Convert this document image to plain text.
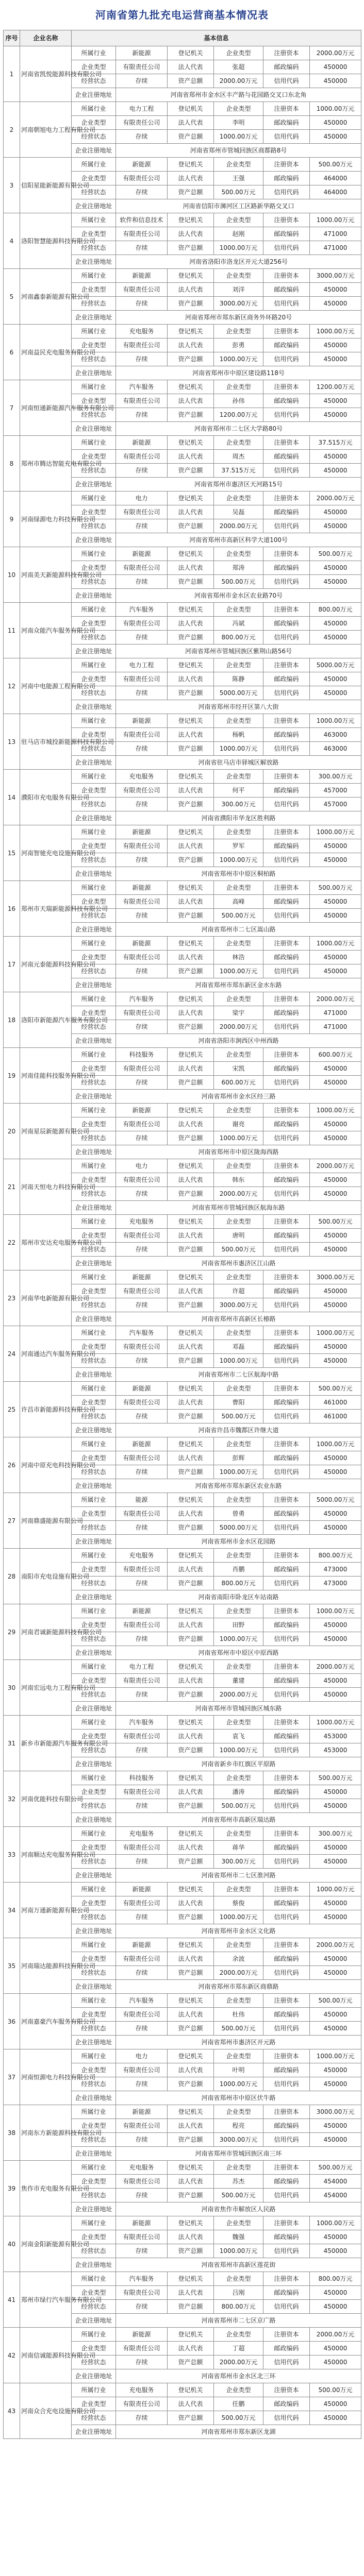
河南省第九批充电运营商基本情况表
序号	企业名称	基本信息					
1	河南省凯悦能源科技有限公司	所属行业	新能源	登记机关	企业类型	注册资本	2000.00万元
		企业类型	有限责任公司	法人代表	张超	邮政编码	450000
		经营状态	存续	资产总额	2000.00万元	信用代码	450000
		企业注册地址	河南省郑州市金水区丰产路与花园路交叉口东北角				
2	河南朝旭电力工程有限公司	所属行业	电力工程	登记机关	企业类型	注册资本	1000.00万元
		企业类型	有限责任公司	法人代表	李明	邮政编码	450000
		经营状态	存续	资产总额	1000.00万元	信用代码	450000
		企业注册地址	河南省郑州市管城回族区商都路8号				
3	信阳星能新能源有限公司	所属行业	新能源	登记机关	企业类型	注册资本	500.00万元
		企业类型	有限责任公司	法人代表	王强	邮政编码	464000
		经营状态	存续	资产总额	500.00万元	信用代码	464000
		企业注册地址	河南省信阳市浉河区工区路新华路交叉口				
4	洛阳智慧能源科技有限公司	所属行业	软件和信息技术	登记机关	企业类型	注册资本	1000.00万元
		企业类型	有限责任公司	法人代表	赵刚	邮政编码	471000
		经营状态	存续	资产总额	1000.00万元	信用代码	471000
		企业注册地址	河南省洛阳市洛龙区开元大道256号				
5	河南鑫泰新能源有限公司	所属行业	新能源	登记机关	企业类型	注册资本	3000.00万元
		企业类型	有限责任公司	法人代表	刘洋	邮政编码	450000
		经营状态	存续	资产总额	3000.00万元	信用代码	450000
		企业注册地址	河南省郑州市郑东新区商务外环路20号				
6	河南益民充电服务有限公司	所属行业	充电服务	登记机关	企业类型	注册资本	1000.00万元
		企业类型	有限责任公司	法人代表	彭勇	邮政编码	450000
		经营状态	存续	资产总额	1000.00万元	信用代码	450000
		企业注册地址	河南省郑州市中原区建设路118号				
7	河南恒通新能源汽车服务有限公司	所属行业	汽车服务	登记机关	企业类型	注册资本	1200.00万元
		企业类型	有限责任公司	法人代表	孙伟	邮政编码	450000
		经营状态	存续	资产总额	1200.00万元	信用代码	450000
		企业注册地址	河南省郑州市二七区大学路80号				
8	郑州市腾达智能充电有限公司	所属行业	新能源	登记机关	企业类型	注册资本	37.515万元
		企业类型	有限责任公司	法人代表	周杰	邮政编码	450000
		经营状态	存续	资产总额	37.515万元	信用代码	450000
		企业注册地址	河南省郑州市惠济区天河路15号				
9	河南绿源电力科技有限公司	所属行业	电力	登记机关	企业类型	注册资本	2000.00万元
		企业类型	有限责任公司	法人代表	吴磊	邮政编码	450000
		经营状态	存续	资产总额	2000.00万元	信用代码	450000
		企业注册地址	河南省郑州市高新区科学大道100号				
10	河南美天新能源科技有限公司	所属行业	新能源	登记机关	企业类型	注册资本	500.00万元
		企业类型	有限责任公司	法人代表	郑涛	邮政编码	450000
		经营状态	存续	资产总额	500.00万元	信用代码	450000
		企业注册地址	河南省郑州市金水区农业路70号				
11	河南众能汽车服务有限公司	所属行业	汽车服务	登记机关	企业类型	注册资本	800.00万元
		企业类型	有限责任公司	法人代表	冯斌	邮政编码	450000
		经营状态	存续	资产总额	800.00万元	信用代码	450000
		企业注册地址	河南省郑州市管城回族区紫荆山路56号				
12	河南中电能源工程有限公司	所属行业	电力工程	登记机关	企业类型	注册资本	5000.00万元
		企业类型	有限责任公司	法人代表	陈静	邮政编码	450000
		经营状态	存续	资产总额	5000.00万元	信用代码	450000
		企业注册地址	河南省郑州市经开区第八大街				
13	驻马店市城投新能源科技有限公司	所属行业	新能源	登记机关	企业类型	注册资本	1000.00万元
		企业类型	有限责任公司	法人代表	杨帆	邮政编码	463000
		经营状态	存续	资产总额	1000.00万元	信用代码	463000
		企业注册地址	河南省驻马店市驿城区解放路				
14	濮阳市充电服务有限公司	所属行业	充电服务	登记机关	企业类型	注册资本	300.00万元
		企业类型	有限责任公司	法人代表	何平	邮政编码	457000
		经营状态	存续	资产总额	300.00万元	信用代码	457000
		企业注册地址	河南省濮阳市华龙区胜利路				
15	河南智驰充电设施有限公司	所属行业	新能源	登记机关	企业类型	注册资本	1000.00万元
		企业类型	有限责任公司	法人代表	罗军	邮政编码	450000
		经营状态	存续	资产总额	1000.00万元	信用代码	450000
		企业注册地址	河南省郑州市中原区桐柏路				
16	郑州市天瑞新能源科技有限公司	所属行业	新能源	登记机关	企业类型	注册资本	500.00万元
		企业类型	有限责任公司	法人代表	高峰	邮政编码	450000
		经营状态	存续	资产总额	500.00万元	信用代码	450000
		企业注册地址	河南省郑州市二七区嵩山路				
17	河南元泰能源科技有限公司	所属行业	新能源	登记机关	企业类型	注册资本	1000.00万元
		企业类型	有限责任公司	法人代表	林浩	邮政编码	450000
		经营状态	存续	资产总额	1000.00万元	信用代码	450000
		企业注册地址	河南省郑州市郑东新区金水东路				
18	洛阳市新能源汽车服务有限公司	所属行业	汽车服务	登记机关	企业类型	注册资本	2000.00万元
		企业类型	有限责任公司	法人代表	梁宇	邮政编码	471000
		经营状态	存续	资产总额	2000.00万元	信用代码	471000
		企业注册地址	河南省洛阳市涧西区中州西路				
19	河南佳能科技服务有限公司	所属行业	科技服务	登记机关	企业类型	注册资本	600.00万元
		企业类型	有限责任公司	法人代表	宋凯	邮政编码	450000
		经营状态	存续	资产总额	600.00万元	信用代码	450000
		企业注册地址	河南省郑州市金水区经三路				
20	河南星辰新能源有限公司	所属行业	新能源	登记机关	企业类型	注册资本	1000.00万元
		企业类型	有限责任公司	法人代表	谢亮	邮政编码	450000
		经营状态	存续	资产总额	1000.00万元	信用代码	450000
		企业注册地址	河南省郑州市中原区陇海西路				
21	河南天恒电力科技有限公司	所属行业	电力	登记机关	企业类型	注册资本	2000.00万元
		企业类型	有限责任公司	法人代表	韩东	邮政编码	450000
		经营状态	存续	资产总额	2000.00万元	信用代码	450000
		企业注册地址	河南省郑州市管城回族区航海东路				
22	郑州市安达充电服务有限公司	所属行业	充电服务	登记机关	企业类型	注册资本	500.00万元
		企业类型	有限责任公司	法人代表	唐明	邮政编码	450000
		经营状态	存续	资产总额	500.00万元	信用代码	450000
		企业注册地址	河南省郑州市惠济区江山路				
23	河南华电新能源有限公司	所属行业	新能源	登记机关	企业类型	注册资本	3000.00万元
		企业类型	有限责任公司	法人代表	许超	邮政编码	450000
		经营状态	存续	资产总额	3000.00万元	信用代码	450000
		企业注册地址	河南省郑州市高新区长椿路				
24	河南通达汽车服务有限公司	所属行业	汽车服务	登记机关	企业类型	注册资本	1000.00万元
		企业类型	有限责任公司	法人代表	邓磊	邮政编码	450000
		经营状态	存续	资产总额	1000.00万元	信用代码	450000
		企业注册地址	河南省郑州市二七区航海中路				
25	许昌市新能源科技有限公司	所属行业	新能源	登记机关	企业类型	注册资本	500.00万元
		企业类型	有限责任公司	法人代表	曹阳	邮政编码	461000
		经营状态	存续	资产总额	500.00万元	信用代码	461000
		企业注册地址	河南省许昌市魏都区许继大道				
26	河南中原充电科技有限公司	所属行业	新能源	登记机关	企业类型	注册资本	1000.00万元
		企业类型	有限责任公司	法人代表	彭辉	邮政编码	450000
		经营状态	存续	资产总额	1000.00万元	信用代码	450000
		企业注册地址	河南省郑州市郑东新区农业东路				
27	河南鼎盛能源有限公司	所属行业	能源	登记机关	企业类型	注册资本	5000.00万元
		企业类型	有限责任公司	法人代表	曾勇	邮政编码	450000
		经营状态	存续	资产总额	5000.00万元	信用代码	450000
		企业注册地址	河南省郑州市金水区花园路				
28	南阳市充电设施有限公司	所属行业	充电服务	登记机关	企业类型	注册资本	800.00万元
		企业类型	有限责任公司	法人代表	肖鹏	邮政编码	473000
		经营状态	存续	资产总额	800.00万元	信用代码	473000
		企业注册地址	河南省南阳市卧龙区车站南路				
29	河南君诚新能源科技有限公司	所属行业	新能源	登记机关	企业类型	注册资本	1000.00万元
		企业类型	有限责任公司	法人代表	田野	邮政编码	450000
		经营状态	存续	资产总额	1000.00万元	信用代码	450000
		企业注册地址	河南省郑州市中原区中原西路				
30	河南宏远电力工程有限公司	所属行业	电力工程	登记机关	企业类型	注册资本	2000.00万元
		企业类型	有限责任公司	法人代表	董建	邮政编码	450000
		经营状态	存续	资产总额	2000.00万元	信用代码	450000
		企业注册地址	河南省郑州市管城回族区城东路				
31	新乡市新能源汽车服务有限公司	所属行业	汽车服务	登记机关	企业类型	注册资本	1000.00万元
		企业类型	有限责任公司	法人代表	袁飞	邮政编码	453000
		经营状态	存续	资产总额	1000.00万元	信用代码	453000
		企业注册地址	河南省新乡市红旗区平原路				
32	河南优能科技有限公司	所属行业	科技服务	登记机关	企业类型	注册资本	500.00万元
		企业类型	有限责任公司	法人代表	潘涛	邮政编码	450000
		经营状态	存续	资产总额	500.00万元	信用代码	450000
		企业注册地址	河南省郑州市高新区瑞达路				
33	河南顺达充电服务有限公司	所属行业	充电服务	登记机关	企业类型	注册资本	300.00万元
		企业类型	有限责任公司	法人代表	蒋华	邮政编码	450000
		经营状态	存续	资产总额	300.00万元	信用代码	450000
		企业注册地址	河南省郑州市二七区淮河路				
34	河南万通新能源有限公司	所属行业	新能源	登记机关	企业类型	注册资本	1000.00万元
		企业类型	有限责任公司	法人代表	蔡俊	邮政编码	450000
		经营状态	存续	资产总额	1000.00万元	信用代码	450000
		企业注册地址	河南省郑州市金水区文化路				
35	河南瑞达能源科技有限公司	所属行业	新能源	登记机关	企业类型	注册资本	2000.00万元
		企业类型	有限责任公司	法人代表	余波	邮政编码	450000
		经营状态	存续	资产总额	2000.00万元	信用代码	450000
		企业注册地址	河南省郑州市郑东新区商鼎路				
36	河南嘉豪汽车服务有限公司	所属行业	汽车服务	登记机关	企业类型	注册资本	500.00万元
		企业类型	有限责任公司	法人代表	杜伟	邮政编码	450000
		经营状态	存续	资产总额	500.00万元	信用代码	450000
		企业注册地址	河南省郑州市惠济区开元路				
37	河南恒源电力科技有限公司	所属行业	电力	登记机关	企业类型	注册资本	1000.00万元
		企业类型	有限责任公司	法人代表	叶明	邮政编码	450000
		经营状态	存续	资产总额	1000.00万元	信用代码	450000
		企业注册地址	河南省郑州市中原区伏牛路				
38	河南东方新能源科技有限公司	所属行业	新能源	登记机关	企业类型	注册资本	3000.00万元
		企业类型	有限责任公司	法人代表	程亮	邮政编码	450000
		经营状态	存续	资产总额	3000.00万元	信用代码	450000
		企业注册地址	河南省郑州市管城回族区南三环				
39	焦作市充电服务有限公司	所属行业	充电服务	登记机关	企业类型	注册资本	500.00万元
		企业类型	有限责任公司	法人代表	苏杰	邮政编码	454000
		经营状态	存续	资产总额	500.00万元	信用代码	454000
		企业注册地址	河南省焦作市解放区人民路				
40	河南金阳新能源有限公司	所属行业	新能源	登记机关	企业类型	注册资本	1000.00万元
		企业类型	有限责任公司	法人代表	魏强	邮政编码	450000
		经营状态	存续	资产总额	1000.00万元	信用代码	450000
		企业注册地址	河南省郑州市高新区莲花街				
41	郑州市绿行汽车服务有限公司	所属行业	汽车服务	登记机关	企业类型	注册资本	800.00万元
		企业类型	有限责任公司	法人代表	吕刚	邮政编码	450000
		经营状态	存续	资产总额	800.00万元	信用代码	450000
		企业注册地址	河南省郑州市二七区京广路				
42	河南信诚能源科技有限公司	所属行业	新能源	登记机关	企业类型	注册资本	2000.00万元
		企业类型	有限责任公司	法人代表	丁超	邮政编码	450000
		经营状态	存续	资产总额	2000.00万元	信用代码	450000
		企业注册地址	河南省郑州市金水区北三环				
43	河南众合充电设施有限公司	所属行业	充电服务	登记机关	企业类型	注册资本	500.00万元
		企业类型	有限责任公司	法人代表	任鹏	邮政编码	450000
		经营状态	存续	资产总额	500.00万元	信用代码	450000
		企业注册地址	河南省郑州市郑东新区龙湖				
